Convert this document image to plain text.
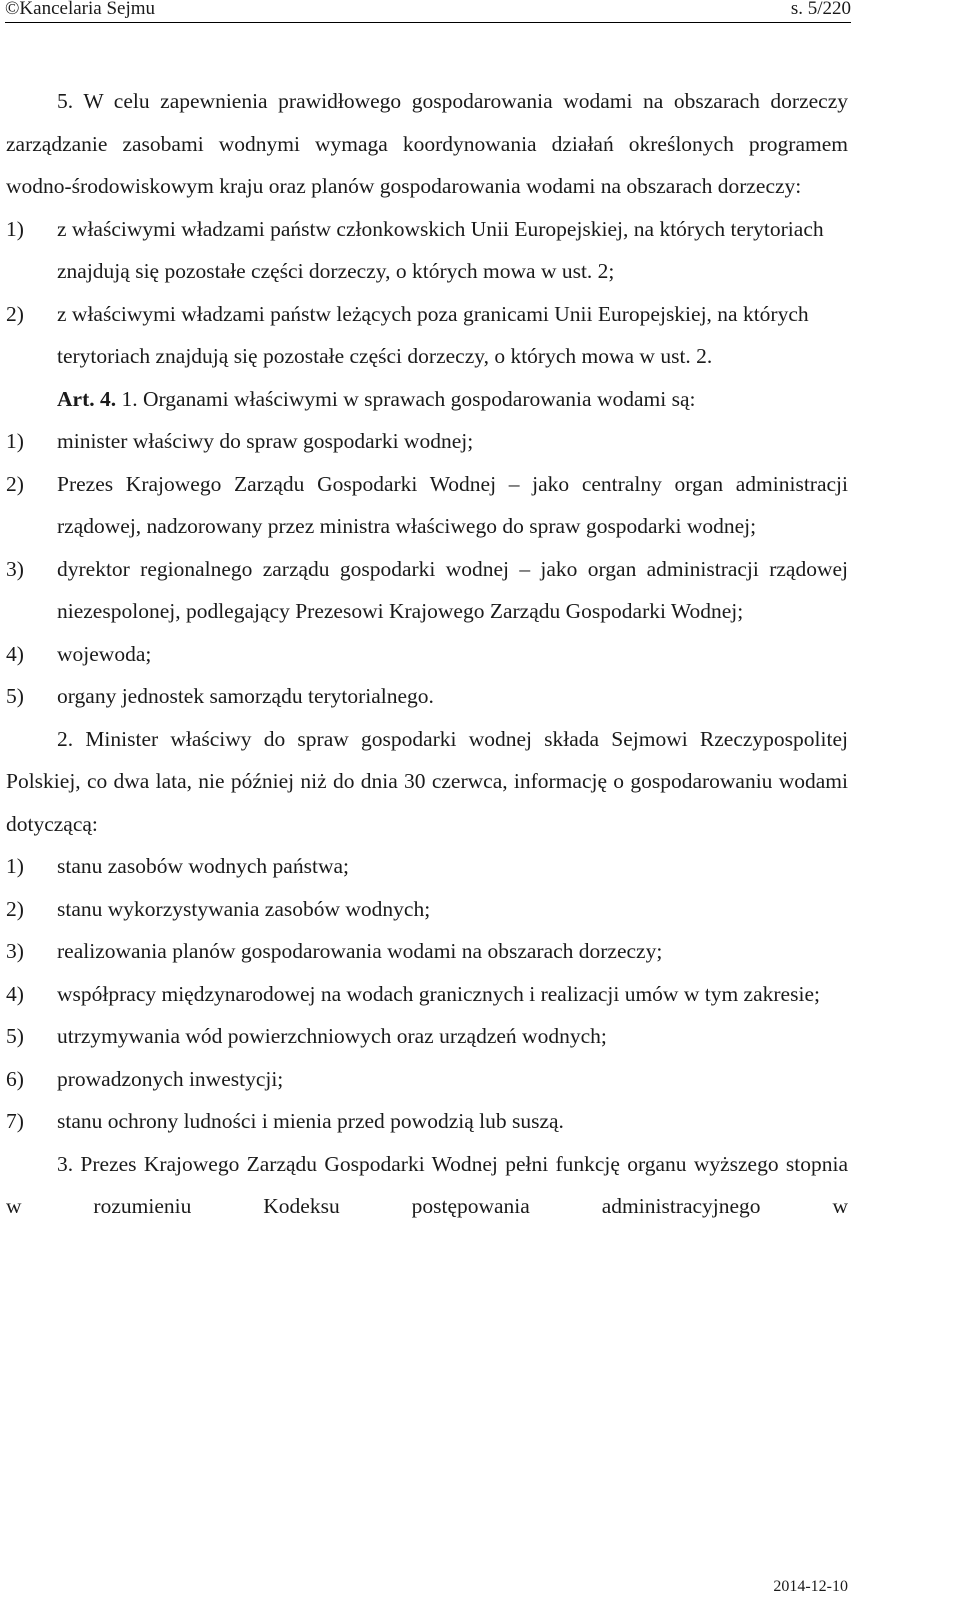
©Kancelaria Sejmu	s. 5/220

5. W celu zapewnienia prawidłowego gospodarowania wodami na obszarach dorzeczy zarządzanie zasobami wodnymi wymaga koordynowania działań określonych programem wodno-środowiskowym kraju oraz planów gospodarowania wodami na obszarach dorzeczy:

1)	z właściwymi władzami państw członkowskich Unii Europejskiej, na których terytoriach znajdują się pozostałe części dorzeczy, o których mowa w ust. 2;
2)	z właściwymi władzami państw leżących poza granicami Unii Europejskiej, na których terytoriach znajdują się pozostałe części dorzeczy, o których mowa w ust. 2.

Art. 4. 1. Organami właściwymi w sprawach gospodarowania wodami są:

1)	minister właściwy do spraw gospodarki wodnej;
2)	Prezes Krajowego Zarządu Gospodarki Wodnej – jako centralny organ administracji rządowej, nadzorowany przez ministra właściwego do spraw gospodarki wodnej;
3)	dyrektor regionalnego zarządu gospodarki wodnej – jako organ administracji rządowej niezespolonej, podlegający Prezesowi Krajowego Zarządu Gospodarki Wodnej;
4)	wojewoda;
5)	organy jednostek samorządu terytorialnego.

2. Minister właściwy do spraw gospodarki wodnej składa Sejmowi Rzeczypospolitej Polskiej, co dwa lata, nie później niż do dnia 30 czerwca, informację o gospodarowaniu wodami dotyczącą:

1)	stanu zasobów wodnych państwa;
2)	stanu wykorzystywania zasobów wodnych;
3)	realizowania planów gospodarowania wodami na obszarach dorzeczy;
4)	współpracy międzynarodowej na wodach granicznych i realizacji umów w tym zakresie;
5)	utrzymywania wód powierzchniowych oraz urządzeń wodnych;
6)	prowadzonych inwestycji;
7)	stanu ochrony ludności i mienia przed powodzią lub suszą.

3. Prezes Krajowego Zarządu Gospodarki Wodnej pełni funkcję organu wyższego stopnia w rozumieniu Kodeksu postępowania administracyjnego w

2014-12-10
